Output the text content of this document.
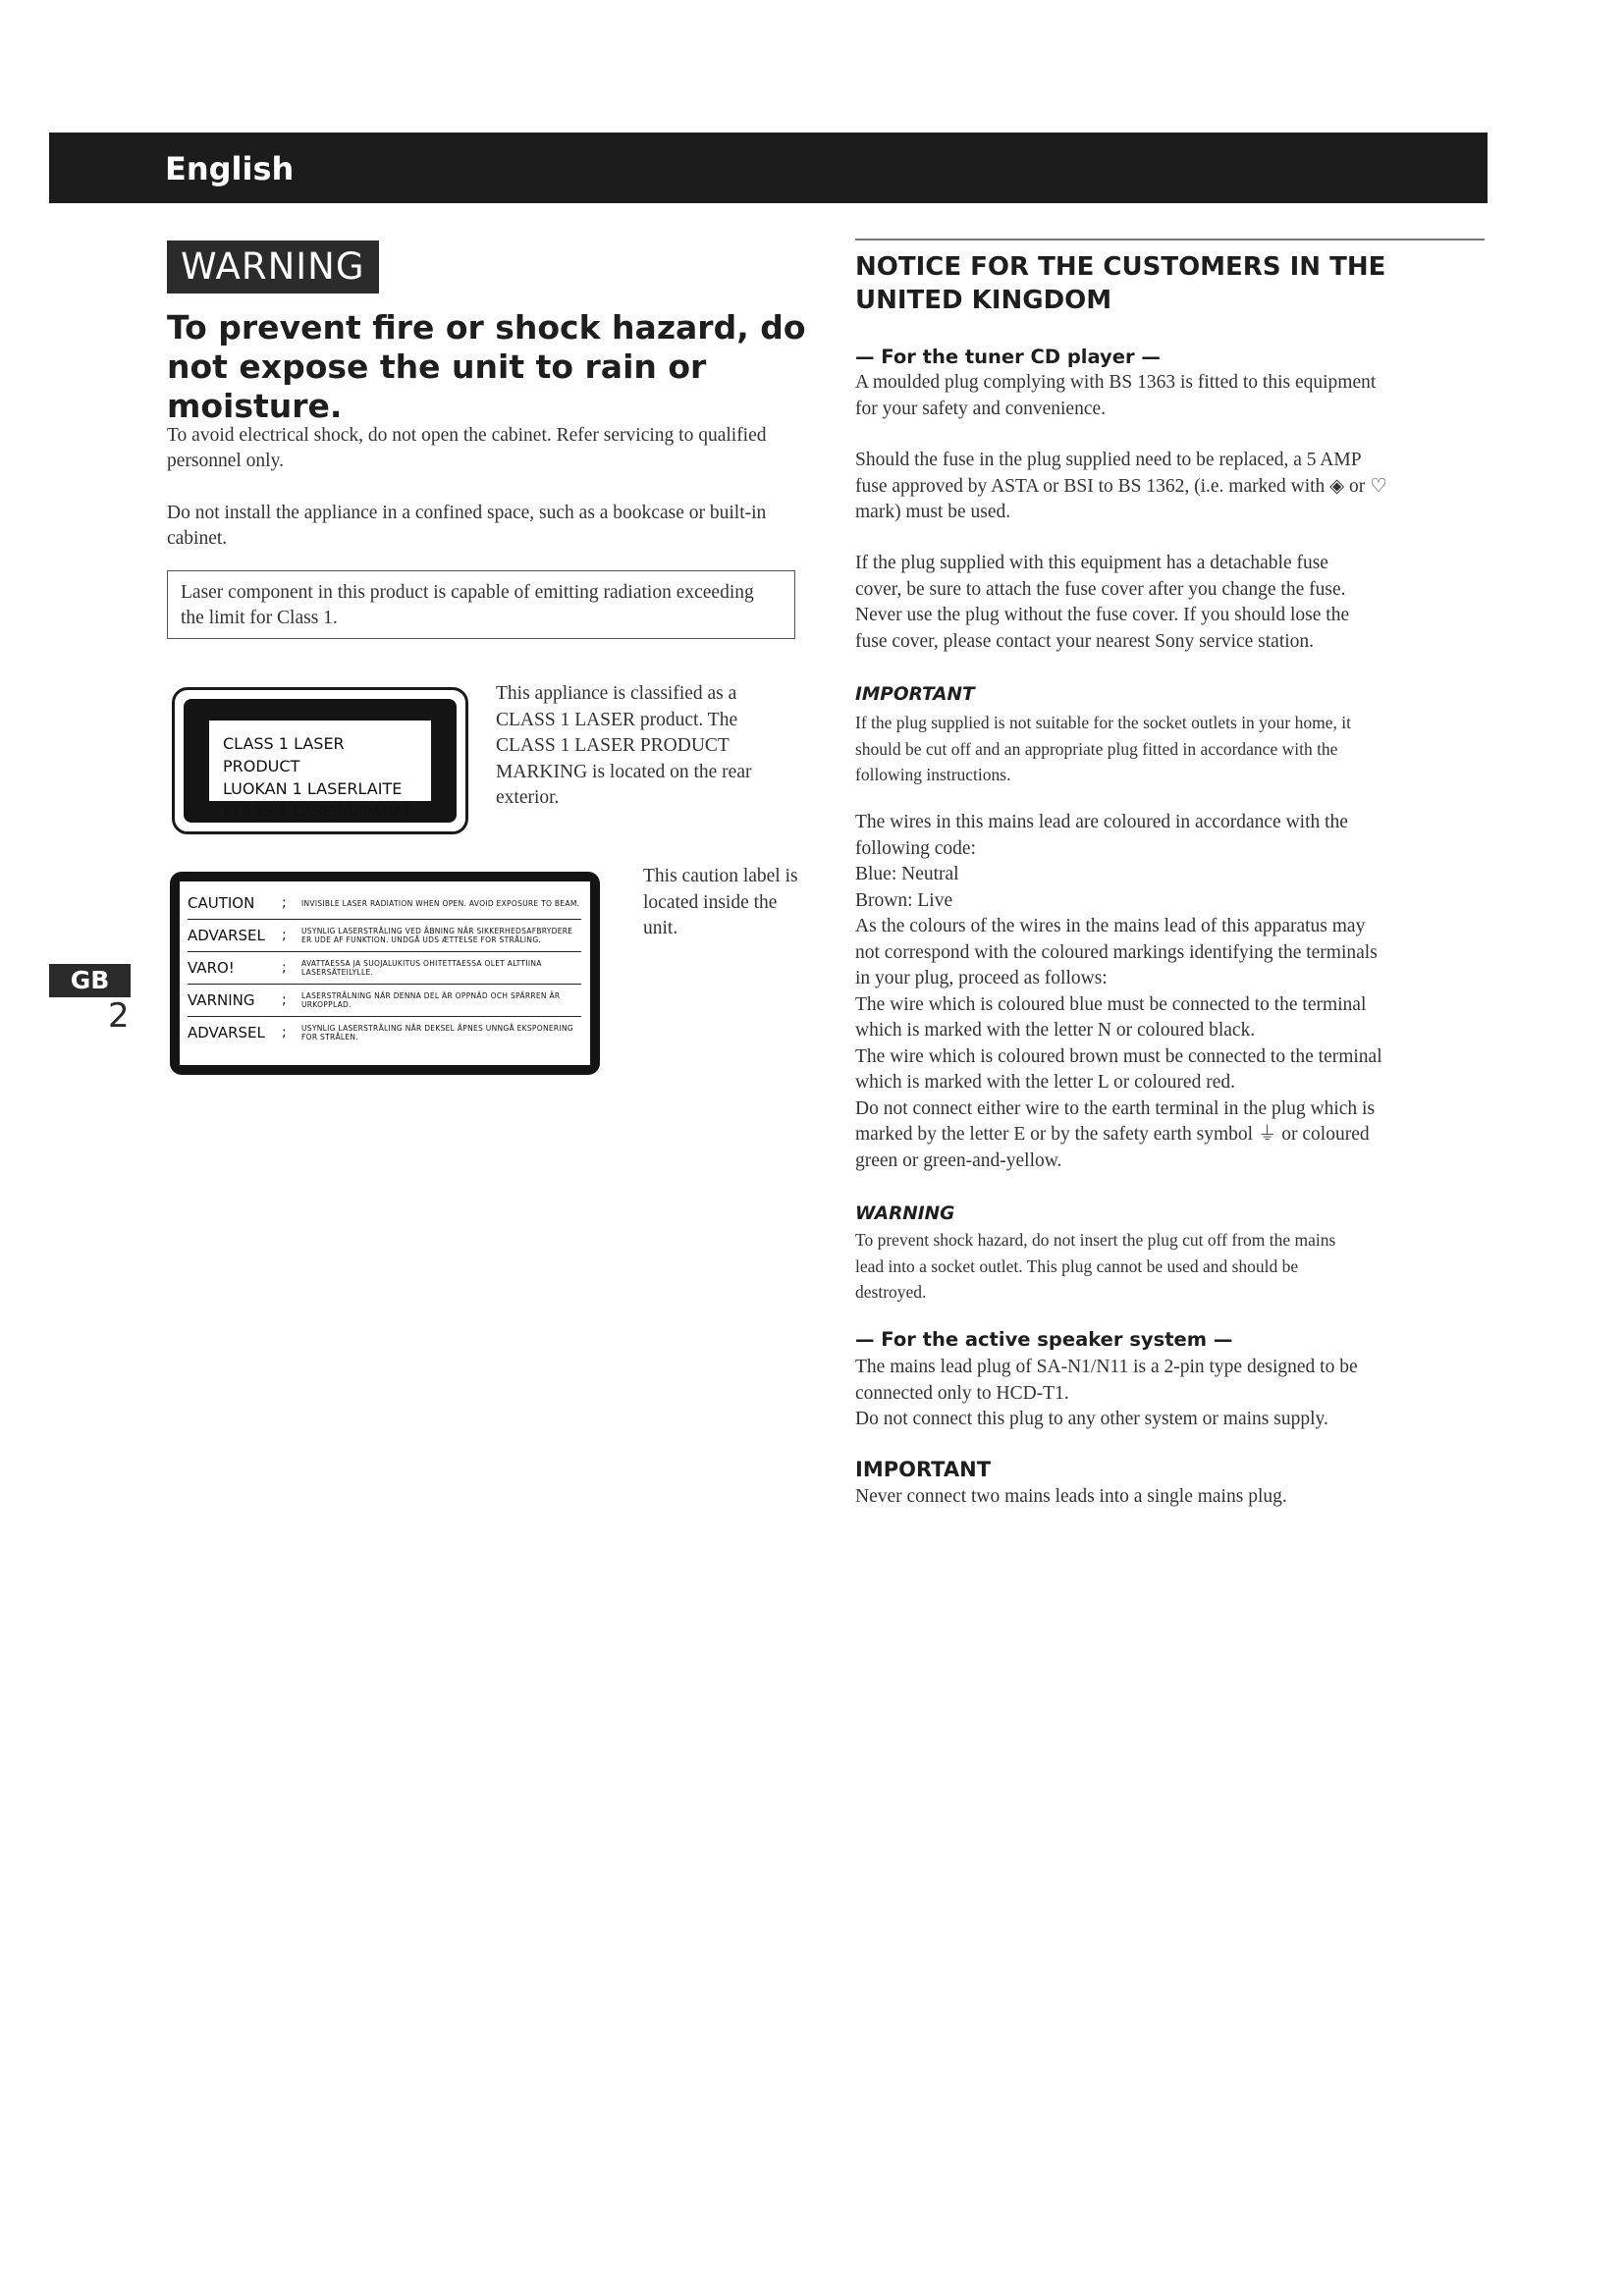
English
WARNING
To prevent fire or shock hazard, do not expose the unit to rain or moisture.
To avoid electrical shock, do not open the cabinet. Refer servicing to qualified personnel only.
Do not install the appliance in a confined space, such as a bookcase or built-in cabinet.
Laser component in this product is capable of emitting radiation exceeding the limit for Class 1.
CLASS 1 LASER PRODUCT
LUOKAN 1 LASERLAITE
KLASS 1 LASERAPPARAT
This appliance is classified as a CLASS 1 LASER product. The CLASS 1 LASER PRODUCT MARKING is located on the rear exterior.
CAUTION	;	INVISIBLE LASER RADIATION WHEN OPEN. AVOID EXPOSURE TO BEAM.
ADVARSEL	;	USYNLIG LASERSTRÅLING VED ÅBNING NÅR SIKKERHEDSAFBRYDERE ER UDE AF FUNKTION. UNDGÅ UDS ÆTTELSE FOR STRÅLING.
VARO!	;	AVATTAESSA JA SUOJALUKITUS OHITETTAESSA OLET ALTTIINA LASERSÄTEILYLLE.
VARNING	;	LASERSTRÅLNING NÄR DENNA DEL ÄR OPPNÄD OCH SPÄRREN ÄR URKOPPLAD.
ADVARSEL	;	USYNLIG LASERSTRÅLING NÅR DEKSEL ÅPNES UNNGÅ EKSPONERING FOR STRÅLEN.
This caution label is located inside the unit.
GB
2
NOTICE FOR THE CUSTOMERS IN THE UNITED KINGDOM
— For the tuner CD player —
A moulded plug complying with BS 1363 is fitted to this equipment
for your safety and convenience.
Should the fuse in the plug supplied need to be replaced, a 5 AMP
fuse approved by ASTA or BSI to BS 1362, (i.e. marked with ◈ or ♡
mark) must be used.
If the plug supplied with this equipment has a detachable fuse
cover, be sure to attach the fuse cover after you change the fuse.
Never use the plug without the fuse cover. If you should lose the
fuse cover, please contact your nearest Sony service station.
IMPORTANT
If the plug supplied is not suitable for the socket outlets in your home, it
should be cut off and an appropriate plug fitted in accordance with the
following instructions.
The wires in this mains lead are coloured in accordance with the
following code:
Blue: Neutral
Brown: Live
As the colours of the wires in the mains lead of this apparatus may
not correspond with the coloured markings identifying the terminals
in your plug, proceed as follows:
The wire which is coloured blue must be connected to the terminal
which is marked with the letter N or coloured black.
The wire which is coloured brown must be connected to the terminal
which is marked with the letter L or coloured red.
Do not connect either wire to the earth terminal in the plug which is
marked by the letter E or by the safety earth symbol ⏚ or coloured
green or green-and-yellow.
WARNING
To prevent shock hazard, do not insert the plug cut off from the mains
lead into a socket outlet. This plug cannot be used and should be
destroyed.
— For the active speaker system —
The mains lead plug of SA-N1/N11 is a 2-pin type designed to be
connected only to HCD-T1.
Do not connect this plug to any other system or mains supply.
IMPORTANT
Never connect two mains leads into a single mains plug.
